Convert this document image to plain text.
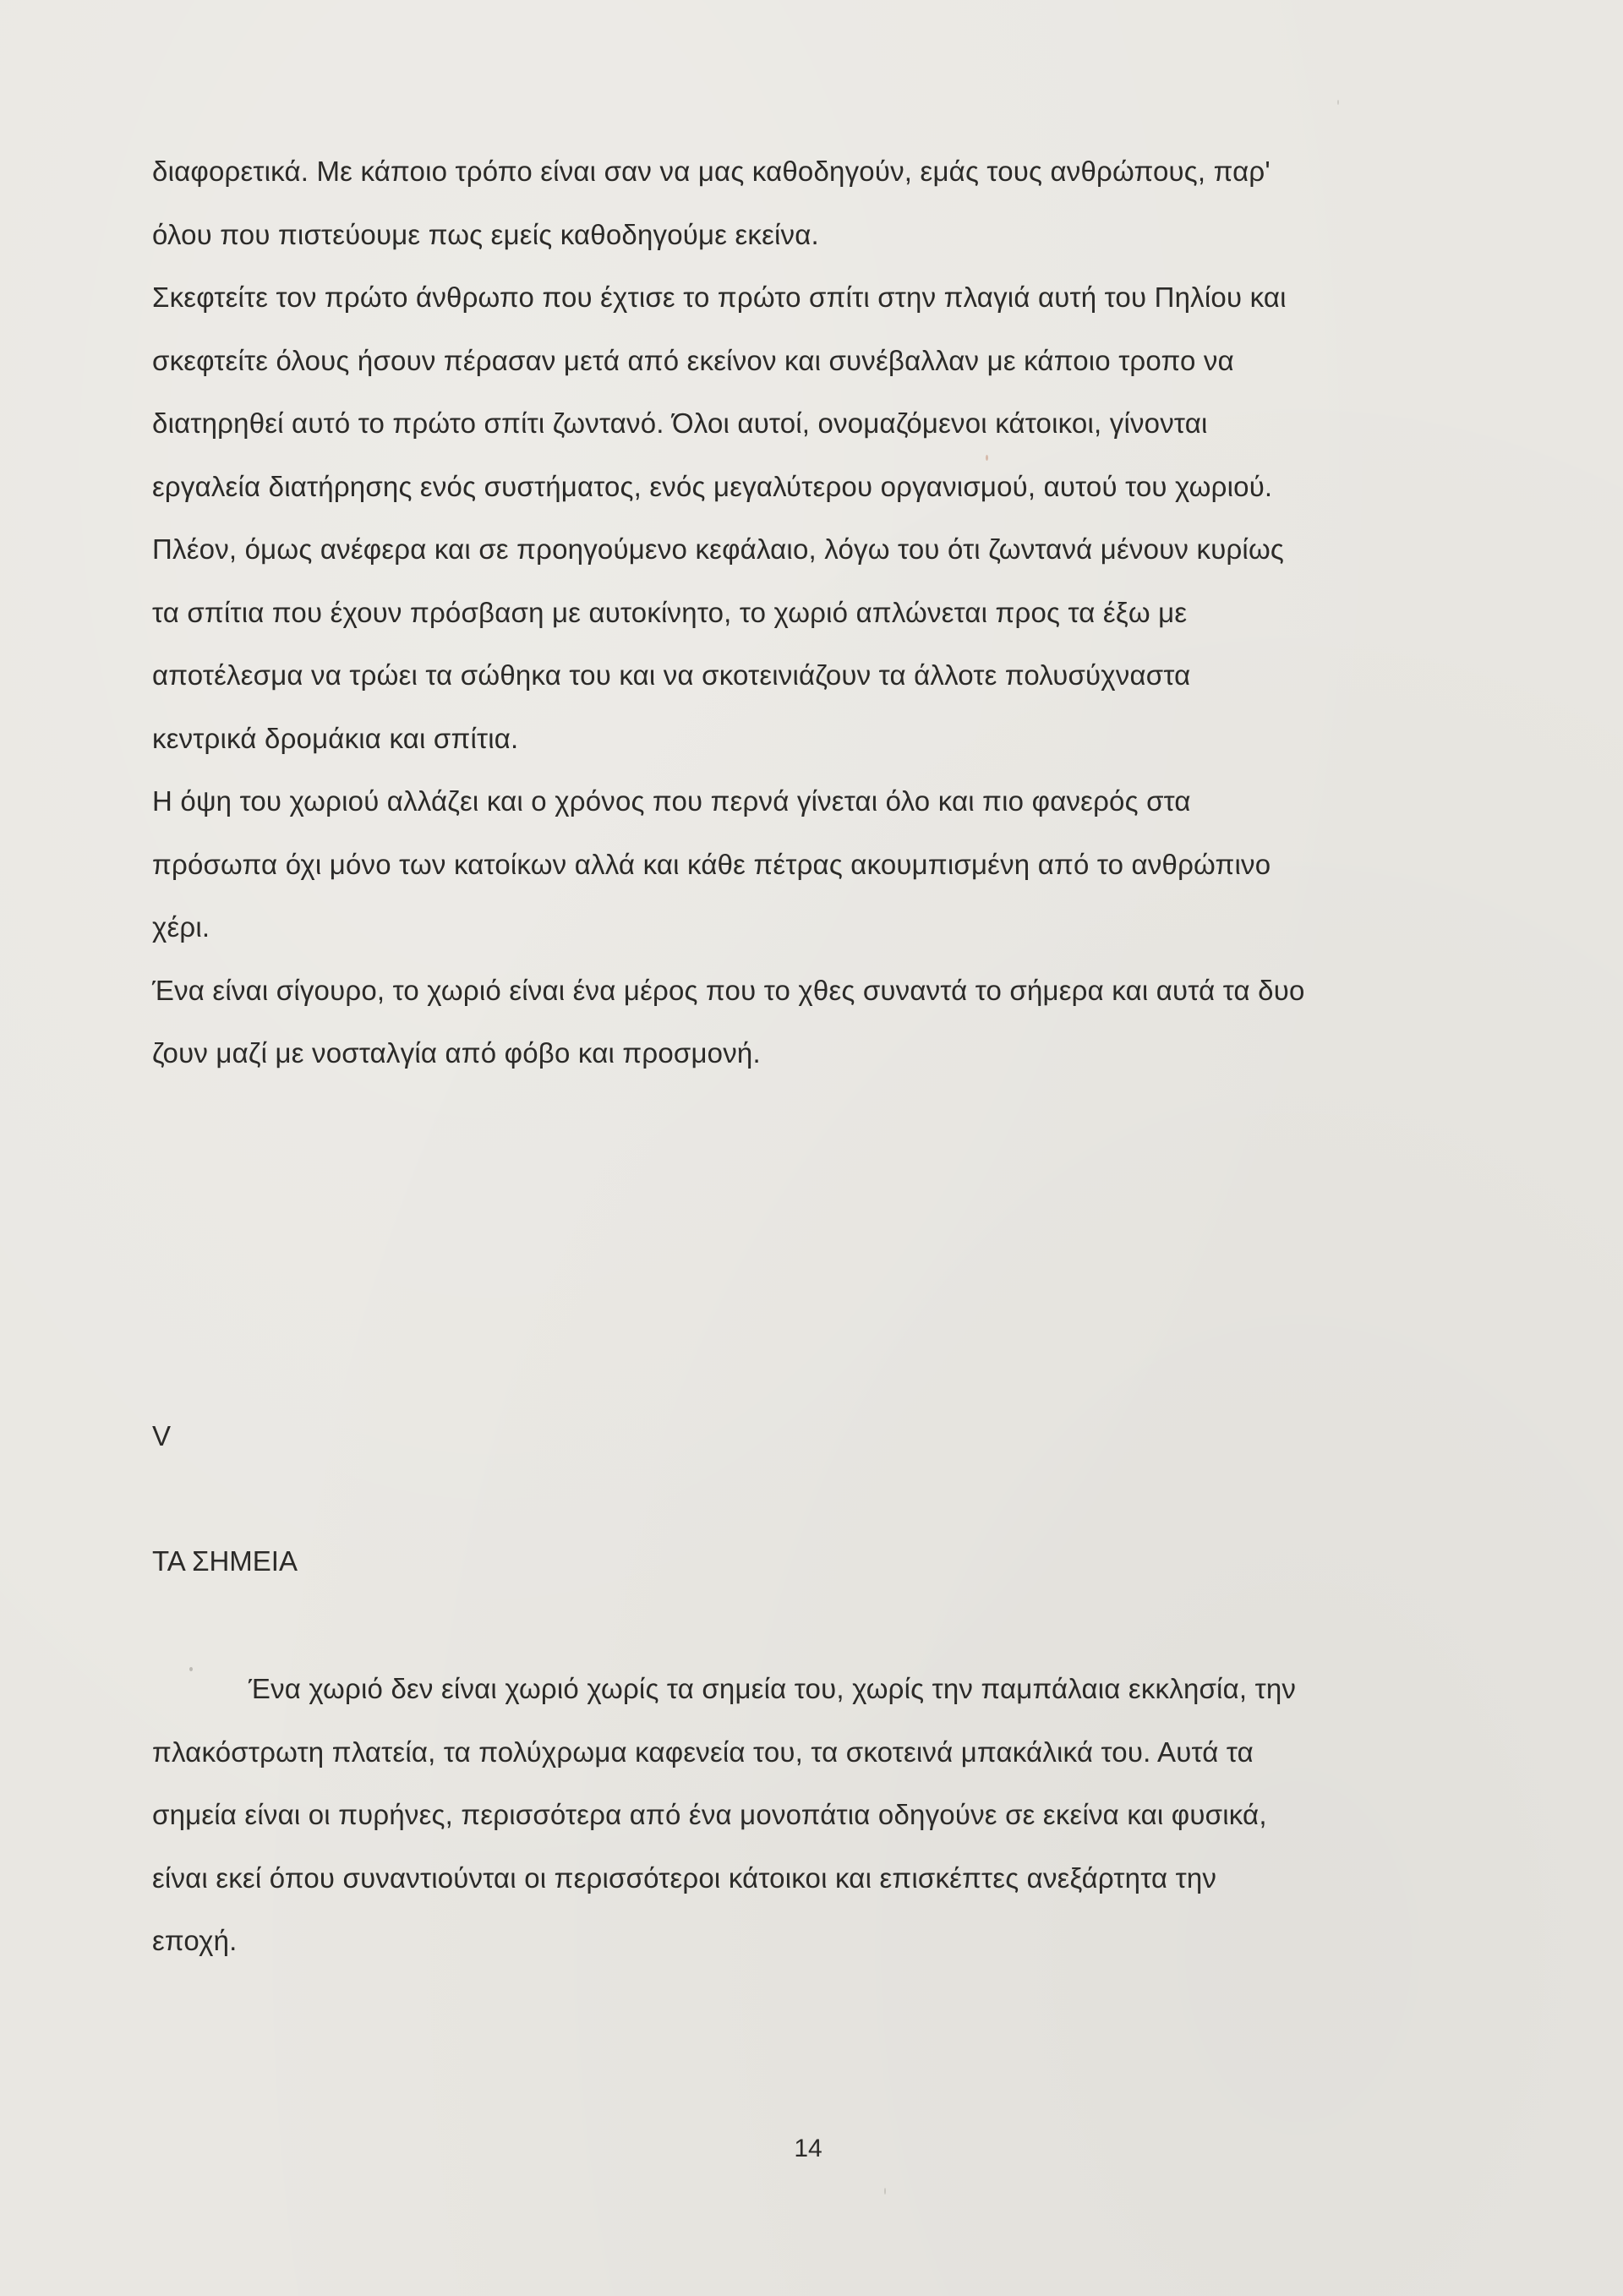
διαφορετικά. Με κάποιο τρόπο είναι σαν να μας καθοδηγούν, εμάς τους ανθρώπους, παρ'
όλου που πιστεύουμε πως εμείς καθοδηγούμε εκείνα.
Σκεφτείτε τον πρώτο άνθρωπο που έχτισε το πρώτο σπίτι στην πλαγιά αυτή του Πηλίου και
σκεφτείτε όλους ήσουν πέρασαν μετά από εκείνον και συνέβαλλαν με κάποιο τροπο να
διατηρηθεί αυτό το πρώτο σπίτι ζωντανό. Όλοι αυτοί, ονομαζόμενοι κάτοικοι, γίνονται
εργαλεία διατήρησης ενός συστήματος, ενός μεγαλύτερου οργανισμού, αυτού του χωριού.
Πλέον, όμως ανέφερα και σε προηγούμενο κεφάλαιο, λόγω του ότι ζωντανά μένουν κυρίως
τα σπίτια που έχουν πρόσβαση με αυτοκίνητο, το χωριό απλώνεται προς τα έξω με
αποτέλεσμα να τρώει τα σώθηκα του και να σκοτεινιάζουν τα άλλοτε πολυσύχναστα
κεντρικά δρομάκια και σπίτια.
Η όψη του χωριού αλλάζει και ο χρόνος που περνά γίνεται όλο και πιο φανερός στα
πρόσωπα όχι μόνο των κατοίκων αλλά και κάθε πέτρας ακουμπισμένη από το ανθρώπινο
χέρι.
Ένα είναι σίγουρο, το χωριό είναι ένα μέρος που το χθες συναντά το σήμερα και αυτά τα δυο
ζουν μαζί με νοσταλγία από φόβο και προσμονή.
V
ΤΑ ΣΗΜΕΙΑ
Ένα χωριό δεν είναι χωριό χωρίς τα σημεία του, χωρίς την παμπάλαια εκκλησία, την
πλακόστρωτη πλατεία, τα πολύχρωμα καφενεία του, τα σκοτεινά μπακάλικά του. Αυτά τα
σημεία είναι οι πυρήνες, περισσότερα από ένα μονοπάτια οδηγούνε σε εκείνα και φυσικά,
είναι εκεί όπου συναντιούνται οι περισσότεροι κάτοικοι και επισκέπτες ανεξάρτητα την
εποχή.
14
